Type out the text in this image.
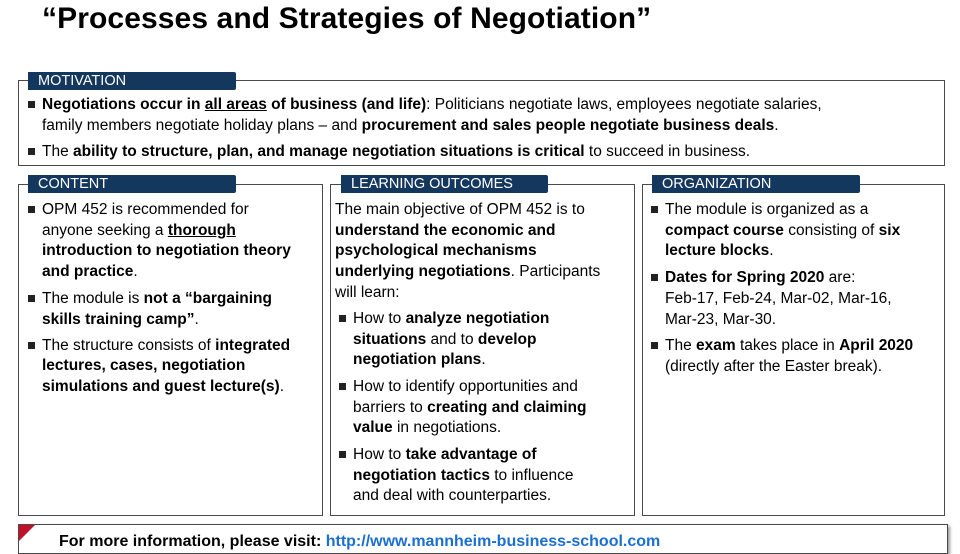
“Processes and Strategies of Negotiation”
MOTIVATION
Negotiations occur in all areas of business (and life): Politicians negotiate laws, employees negotiate salaries,
family members negotiate holiday plans – and procurement and sales people negotiate business deals.
The ability to structure, plan, and manage negotiation situations is critical to succeed in business.
CONTENT
OPM 452 is recommended for
anyone seeking a thorough
introduction to negotiation theory
and practice.
The module is not a “bargaining
skills training camp”.
The structure consists of integrated
lectures, cases, negotiation
simulations and guest lecture(s).
LEARNING OUTCOMES
The main objective of OPM 452 is to
understand the economic and
psychological mechanisms
underlying negotiations. Participants
will learn:
How to analyze negotiation
situations and to develop
negotiation plans.
How to identify opportunities and
barriers to creating and claiming
value in negotiations.
How to take advantage of
negotiation tactics to influence
and deal with counterparties.
ORGANIZATION
The module is organized as a
compact course consisting of six
lecture blocks.
Dates for Spring 2020 are:
Feb-17, Feb-24, Mar-02, Mar-16,
Mar-23, Mar-30.
The exam takes place in April 2020
(directly after the Easter break).
For more information, please visit: http://www.mannheim-business-school.com
